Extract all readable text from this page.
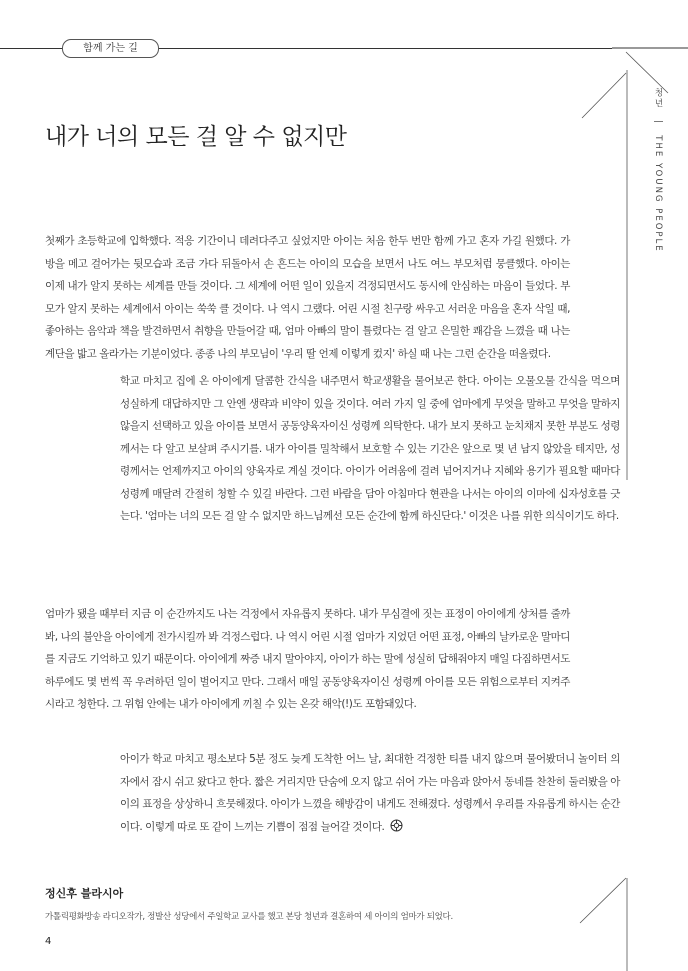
함께 가는 길
청년 | THE YOUNG PEOPLE
내가 너의 모든 걸 알 수 없지만

첫째가 초등학교에 입학했다. 적응 기간이니 데려다주고 싶었지만 아이는 처음 한두 번만 함께 가고 혼자 가길 원했다. 가방을 메고 걸어가는 뒷모습과 조금 가다 뒤돌아서 손 흔드는 아이의 모습을 보면서 나도 여느 부모처럼 뭉클했다. 아이는 이제 내가 알지 못하는 세계를 만들 것이다. 그 세계에 어떤 일이 있을지 걱정되면서도 동시에 안심하는 마음이 들었다. 부모가 알지 못하는 세계에서 아이는 쑥쑥 클 것이다. 나 역시 그랬다. 어린 시절 친구랑 싸우고 서러운 마음을 혼자 삭일 때, 좋아하는 음악과 책을 발견하면서 취향을 만들어갈 때, 엄마 아빠의 말이 틀렸다는 걸 알고 은밀한 쾌감을 느꼈을 때 나는 계단을 밟고 올라가는 기분이었다. 종종 나의 부모님이 '우리 딸 언제 이렇게 컸지' 하실 때 나는 그런 순간을 떠올렸다.

학교 마치고 집에 온 아이에게 달콤한 간식을 내주면서 학교생활을 물어보곤 한다. 아이는 오물오물 간식을 먹으며 성실하게 대답하지만 그 안엔 생략과 비약이 있을 것이다. 여러 가지 일 중에 엄마에게 무엇을 말하고 무엇을 말하지 않을지 선택하고 있을 아이를 보면서 공동양육자이신 성령께 의탁한다. 내가 보지 못하고 눈치채지 못한 부분도 성령께서는 다 알고 보살펴 주시기를. 내가 아이를 밀착해서 보호할 수 있는 기간은 앞으로 몇 년 남지 않았을 테지만, 성령께서는 언제까지고 아이의 양육자로 계실 것이다. 아이가 어려움에 걸려 넘어지거나 지혜와 용기가 필요할 때마다 성령께 매달려 간절히 청할 수 있길 바란다. 그런 바람을 담아 아침마다 현관을 나서는 아이의 이마에 십자성호를 긋는다. '엄마는 너의 모든 걸 알 수 없지만 하느님께선 모든 순간에 함께 하신단다.' 이것은 나를 위한 의식이기도 하다.

엄마가 됐을 때부터 지금 이 순간까지도 나는 걱정에서 자유롭지 못하다. 내가 무심결에 짓는 표정이 아이에게 상처를 줄까 봐, 나의 불안을 아이에게 전가시킬까 봐 걱정스럽다. 나 역시 어린 시절 엄마가 지었던 어떤 표정, 아빠의 날카로운 말마디를 지금도 기억하고 있기 때문이다. 아이에게 짜증 내지 말아야지, 아이가 하는 말에 성실히 답해줘야지 매일 다짐하면서도 하루에도 몇 번씩 꼭 우려하던 일이 벌어지고 만다. 그래서 매일 공동양육자이신 성령께 아이를 모든 위험으로부터 지켜주시라고 청한다. 그 위험 안에는 내가 아이에게 끼칠 수 있는 온갖 해악(!)도 포함돼있다.

아이가 학교 마치고 평소보다 5분 정도 늦게 도착한 어느 날, 최대한 걱정한 티를 내지 않으며 물어봤더니 놀이터 의자에서 잠시 쉬고 왔다고 한다. 짧은 거리지만 단숨에 오지 않고 쉬어 가는 마음과 앉아서 동네를 찬찬히 둘러봤을 아이의 표정을 상상하니 흐뭇해졌다. 아이가 느꼈을 해방감이 내게도 전해졌다. 성령께서 우리를 자유롭게 하시는 순간이다. 이렇게 따로 또 같이 느끼는 기쁨이 점점 늘어갈 것이다.

정신후 블라시아
가톨릭평화방송 라디오작가, 정발산 성당에서 주일학교 교사를 했고 본당 청년과 결혼하여 세 아이의 엄마가 되었다.
4
